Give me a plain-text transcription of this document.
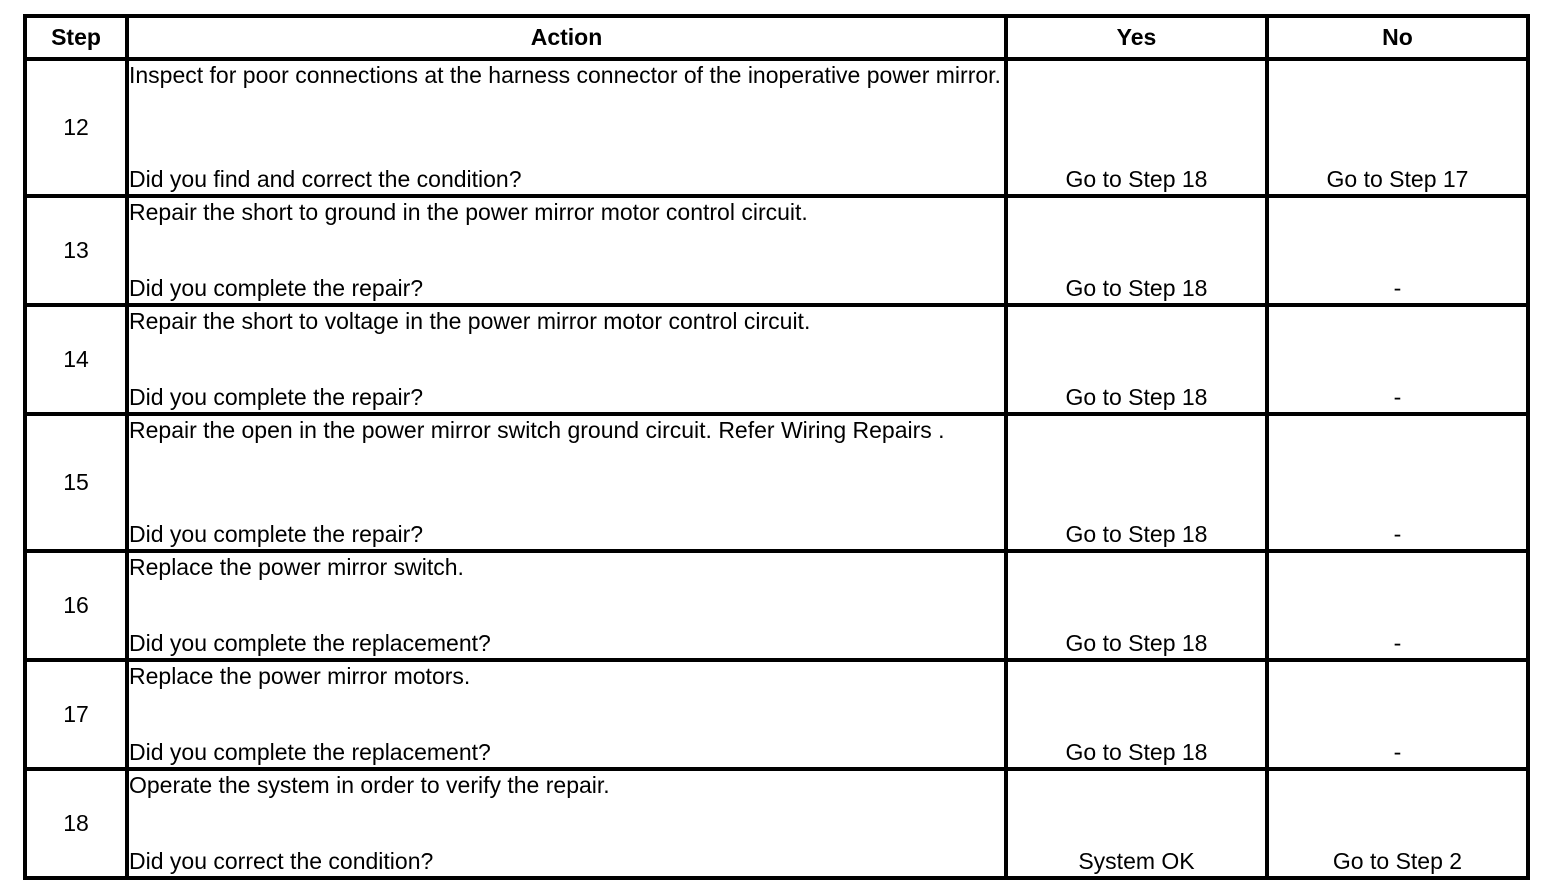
Step	Action	Yes	No
12	Inspect for poor connections at the harness connector of the inoperative power mirror.
Did you find and correct the condition?	Go to Step 18	Go to Step 17
13	Repair the short to ground in the power mirror motor control circuit.
Did you complete the repair?	Go to Step 18	-
14	Repair the short to voltage in the power mirror motor control circuit.
Did you complete the repair?	Go to Step 18	-
15	Repair the open in the power mirror switch ground circuit. Refer Wiring Repairs .
Did you complete the repair?	Go to Step 18	-
16	Replace the power mirror switch.
Did you complete the replacement?	Go to Step 18	-
17	Replace the power mirror motors.
Did you complete the replacement?	Go to Step 18	-
18	Operate the system in order to verify the repair.
Did you correct the condition?	System OK	Go to Step 2
